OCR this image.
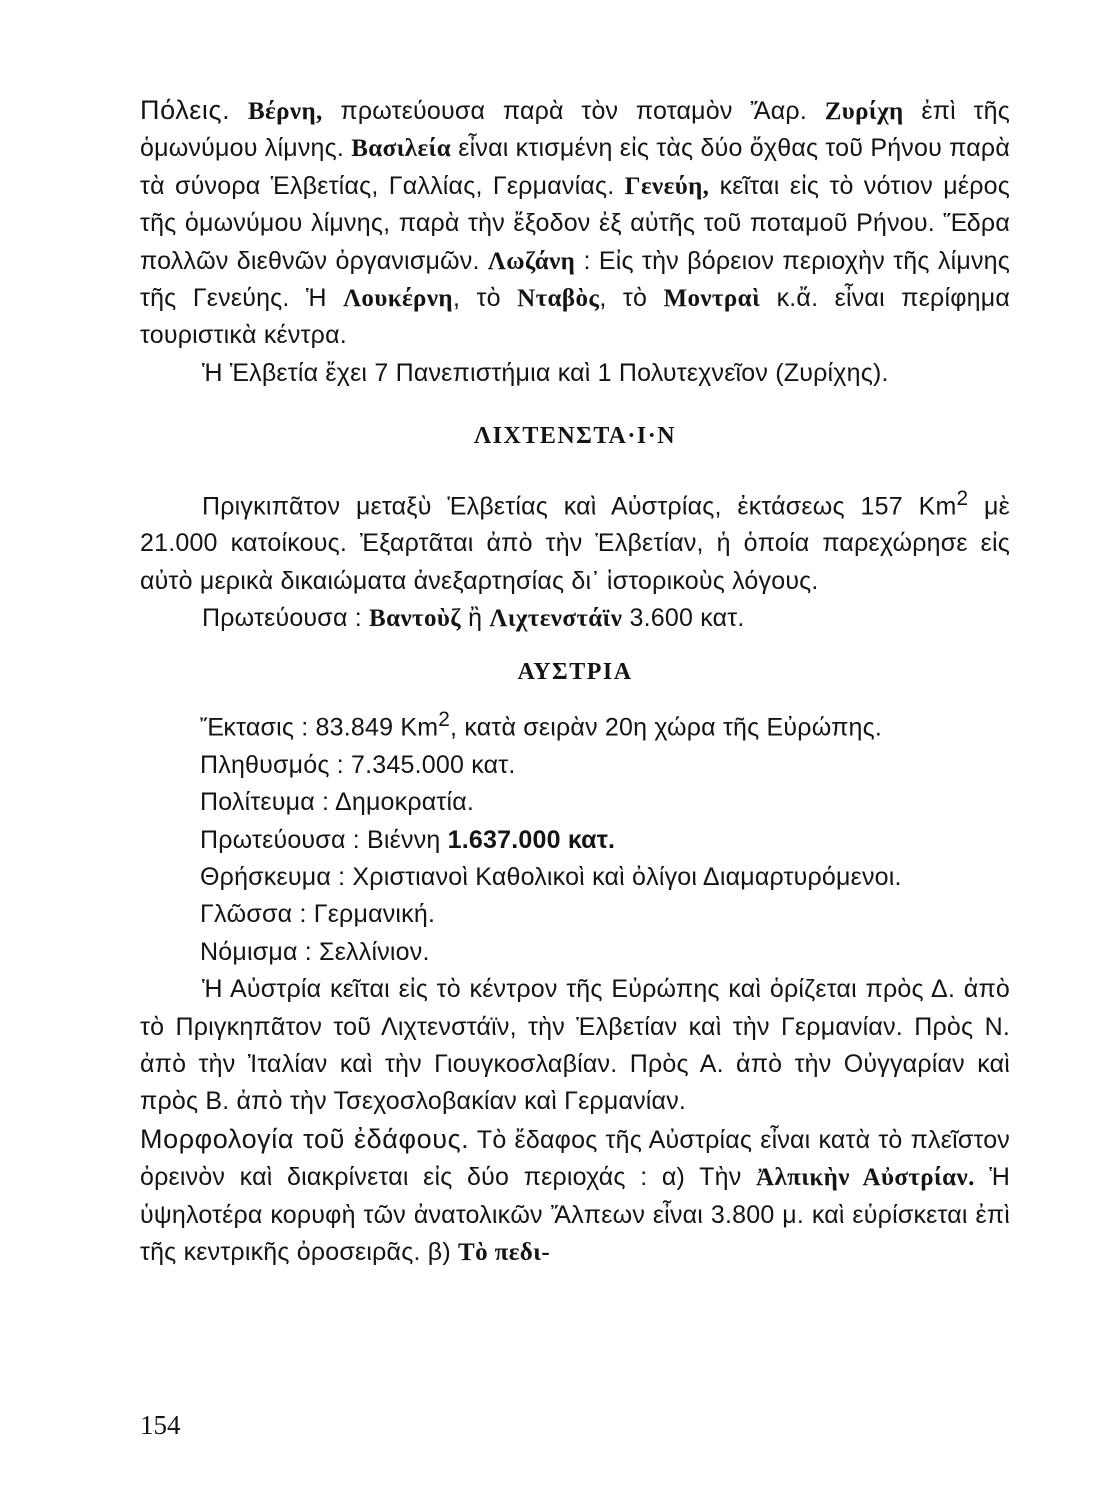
Πόλεις. Βέρνη, πρωτεύουσα παρὰ τὸν ποταμὸν Ἄαρ. Ζυρίχη ἐπὶ τῆς ὁμωνύμου λίμνης. Βασιλεία εἶναι κτισμένη εἰς τὰς δύο ὄχθας τοῦ Ρήνου παρὰ τὰ σύνορα Ἑλβετίας, Γαλλίας, Γερμανίας. Γενεύη, κεῖται εἰς τὸ νότιον μέρος τῆς ὁμωνύμου λίμνης, παρὰ τὴν ἔξοδον ἐξ αὐτῆς τοῦ ποταμοῦ Ρήνου. Ἕδρα πολλῶν διεθνῶν ὀργανισμῶν. Λωζάνη : Εἰς τὴν βόρειον περιοχὴν τῆς λίμνης τῆς Γενεύης. Ἡ Λουκέρνη, τὸ Νταβὸς, τὸ Μοντραὶ κ.ἄ. εἶναι περίφημα τουριστικὰ κέντρα.

Ἡ Ἑλβετία ἔχει 7 Πανεπιστήμια καὶ 1 Πολυτεχνεῖον (Ζυρίχης).

ΛΙΧΤΕΝΣΤΑ·Ι·Ν

Πριγκιπᾶτον μεταξὺ Ἑλβετίας καὶ Αὐστρίας, ἐκτάσεως 157 Km$^2$ μὲ 21.000 κατοίκους. Ἐξαρτᾶται ἀπὸ τὴν Ἑλβετίαν, ἡ ὁποία παρεχώρησε εἰς αὐτὸ μερικὰ δικαιώματα ἀνεξαρτησίας δι᾽ ἱστορικοὺς λόγους.

Πρωτεύουσα : Βαντοὺζ ἢ Λιχτενστάϊν 3.600 κατ.

ΑΥΣΤΡΙΑ
Ἔκτασις : 83.849 Km$^2$, κατὰ σειρὰν 20η χώρα τῆς Εὐρώπης.
Πληθυσμός : 7.345.000 κατ.
Πολίτευμα : Δημοκρατία.
Πρωτεύουσα : Βιέννη 1.637.000 κατ.
Θρήσκευμα : Χριστιανοὶ Καθολικοὶ καὶ ὀλίγοι Διαμαρτυρόμενοι.
Γλῶσσα : Γερμανική.
Νόμισμα : Σελλίνιον.

Ἡ Αὐστρία κεῖται εἰς τὸ κέντρον τῆς Εὐρώπης καὶ ὁρίζεται πρὸς Δ. ἀπὸ τὸ Πριγκηπᾶτον τοῦ Λιχτενστάϊν, τὴν Ἑλβετίαν καὶ τὴν Γερμανίαν. Πρὸς Ν. ἀπὸ τὴν Ἰταλίαν καὶ τὴν Γιουγκοσλαβίαν. Πρὸς Α. ἀπὸ τὴν Οὐγγαρίαν καὶ πρὸς Β. ἀπὸ τὴν Τσεχοσλοβακίαν καὶ Γερμανίαν.

Μορφολογία τοῦ ἐδάφους. Τὸ ἔδαφος τῆς Αὐστρίας εἶναι κατὰ τὸ πλεῖστον ὀρεινὸν καὶ διακρίνεται εἰς δύο περιοχάς : α) Τὴν Ἀλπικὴν Αὐστρίαν. Ἡ ὑψηλοτέρα κορυφὴ τῶν ἀνατολικῶν Ἄλπεων εἶναι 3.800 μ. καὶ εὑρίσκεται ἐπὶ τῆς κεντρικῆς ὀροσειρᾶς. β) Τὸ πεδι-

154
